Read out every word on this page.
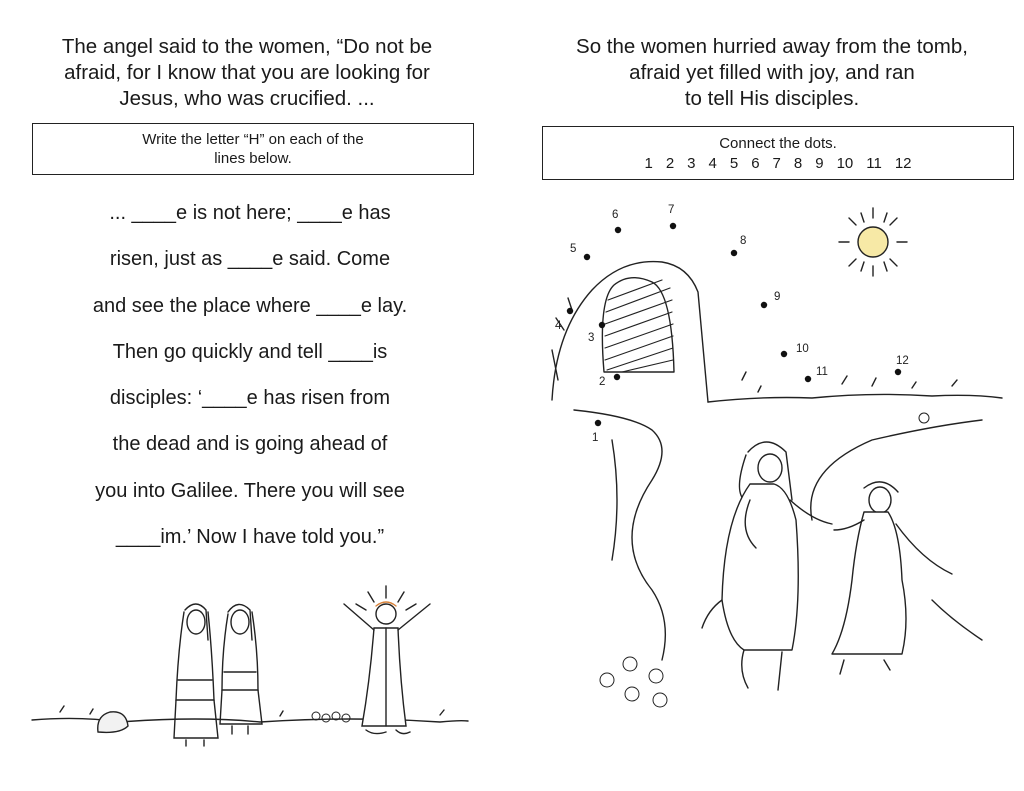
The angel said to the women, “Do not be
afraid, for I know that you are looking for
Jesus, who was crucified. ...
Write the letter “H” on each of the
lines below.
... ____e is not here; ____e has
risen, just as ____e said. Come
and see the place where ____e lay.
Then go quickly and tell ____is
disciples: ‘____e has risen from
the dead and is going ahead of
you into Galilee. There you will see
____im.’ Now I have told you.”
So the women hurried away from the tomb,
afraid yet filled with joy, and ran
to tell His disciples.
Connect the dots.
1 2 3 4 5 6 7 8 9 10 11 12
1
2
3
4
5
6	7
8
9
10
11
12
